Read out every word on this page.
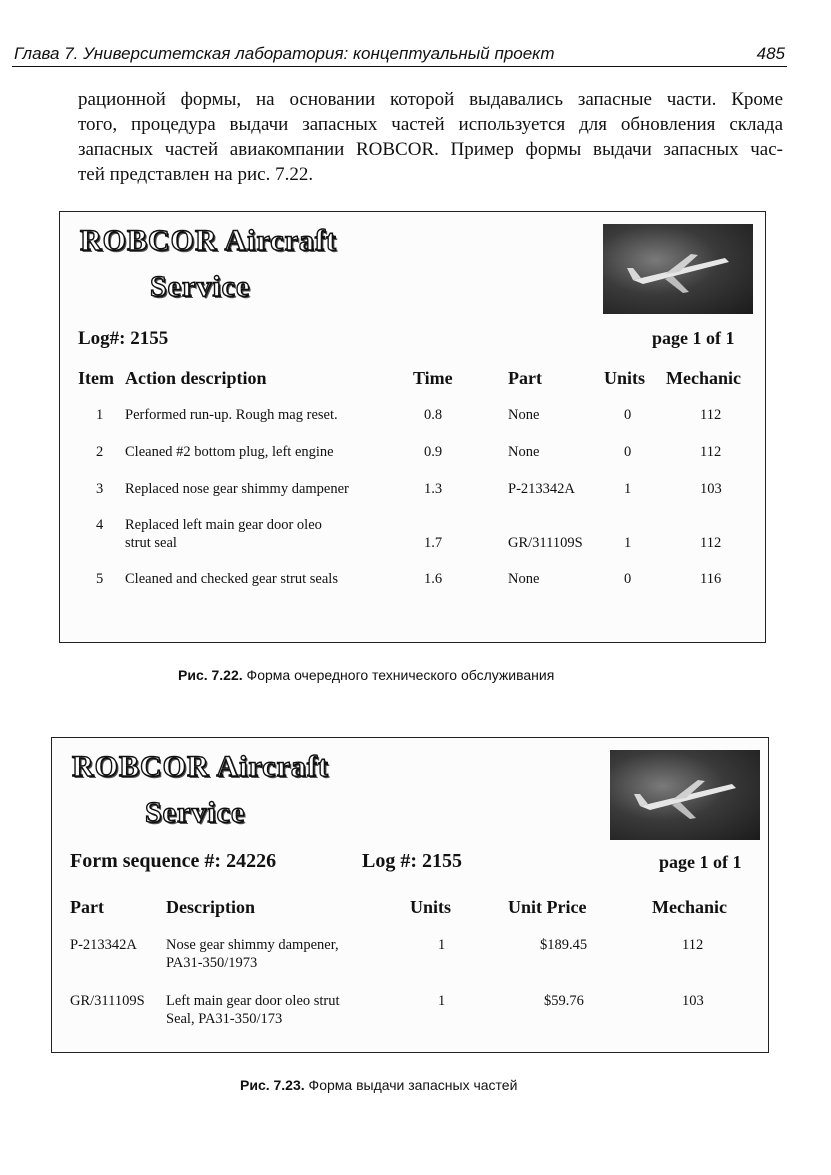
Глава 7. Университетская лаборатория: концептуальный проект	485
рационной формы, на основании которой выдавались запасные части. Кроме
того, процедура выдачи запасных частей используется для обновления склада
запасных частей авиакомпании ROBCOR. Пример формы выдачи запасных час-
тей представлен на рис. 7.22.
ROBCOR Aircraft
Service
Log#: 2155	page 1 of 1
Item Action description	Time	Part	Units Mechanic
1 Performed run-up. Rough mag reset.	0.8	None	0	112
2 Cleaned #2 bottom plug, left engine	0.9	None	0	112
3 Replaced nose gear shimmy dampener	1.3	P-213342A	1	103
4 Replaced left main gear door oleo
strut seal	1.7	GR/311109S	1	112
5 Cleaned and checked gear strut seals	1.6	None	0	116
Рис. 7.22. Форма очередного технического обслуживания
ROBCOR Aircraft
Service
Form sequence #: 24226	Log #: 2155	page 1 of 1
Part	Description	Units	Unit Price	Mechanic
P-213342A Nose gear shimmy dampener,
PA31-350/1973
1	$189.45	112
GR/311109S Left main gear door oleo strut
Seal, PA31-350/173
1	$59.76	103
Рис. 7.23. Форма выдачи запасных частей
